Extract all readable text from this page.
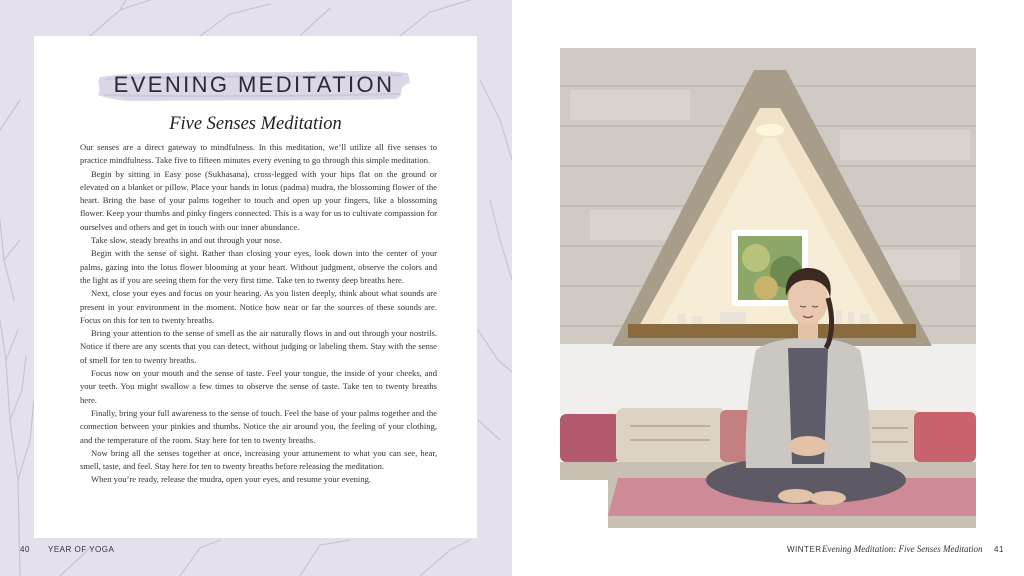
EVENING MEDITATION
Five Senses Meditation

Our senses are a direct gateway to mindfulness. In this meditation, we’ll utilize all five senses to practice mindfulness. Take five to fifteen minutes every evening to go through this simple meditation.

Begin by sitting in Easy pose (Sukhasana), cross-legged with your hips flat on the ground or elevated on a blanket or pillow. Place your hands in lotus (padma) mudra, the blossoming flower of the heart. Bring the base of your palms together to touch and open up your fingers, like a blossoming flower. Keep your thumbs and pinky fingers connected. This is a way for us to cultivate compassion for ourselves and others and get in touch with our inner abundance.

Take slow, steady breaths in and out through your nose.

Begin with the sense of sight. Rather than closing your eyes, look down into the center of your palms, gazing into the lotus flower blooming at your heart. Without judgment, observe the colors and the light as if you are seeing them for the very first time. Take ten to twenty deep breaths here.

Next, close your eyes and focus on your hearing. As you listen deeply, think about what sounds are present in your environment in the moment. Notice how near or far the sources of these sounds are. Focus on this for ten to twenty breaths.

Bring your attention to the sense of smell as the air naturally flows in and out through your nostrils. Notice if there are any scents that you can detect, without judging or labeling them. Stay with the sense of smell for ten to twenty breaths.

Focus now on your mouth and the sense of taste. Feel your tongue, the inside of your cheeks, and your teeth. You might swallow a few times to observe the sense of taste. Take ten to twenty breaths here.

Finally, bring your full awareness to the sense of touch. Feel the base of your palms together and the connection between your pinkies and thumbs. Notice the air around you, the feeling of your clothing, and the temperature of the room. Stay here for ten to twenty breaths.

Now bring all the senses together at once, increasing your attunement to what you can see, hear, smell, taste, and feel. Stay here for ten to twenty breaths before releasing the meditation.

When you’re ready, release the mudra, open your eyes, and resume your evening.

40 YEAR OF YOGA	WINTER Evening Meditation: Five Senses Meditation 41
